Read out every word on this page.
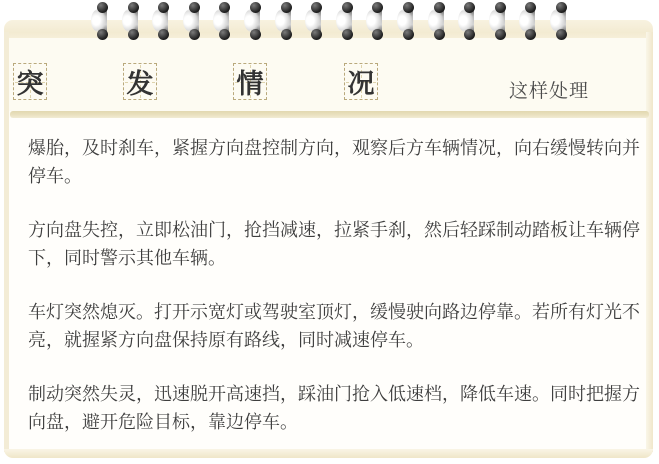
突	发	情	况	这样处理

爆胎，及时刹车，紧握方向盘控制方向，观察后方车辆情况，向右缓慢转向并停车。

方向盘失控，立即松油门，抢挡减速，拉紧手刹，然后轻踩制动踏板让车辆停下，同时警示其他车辆。

车灯突然熄灭。打开示宽灯或驾驶室顶灯，缓慢驶向路边停靠。若所有灯光不亮，就握紧方向盘保持原有路线，同时减速停车。

制动突然失灵，迅速脱开高速挡，踩油门抢入低速档，降低车速。同时把握方向盘，避开危险目标，靠边停车。
